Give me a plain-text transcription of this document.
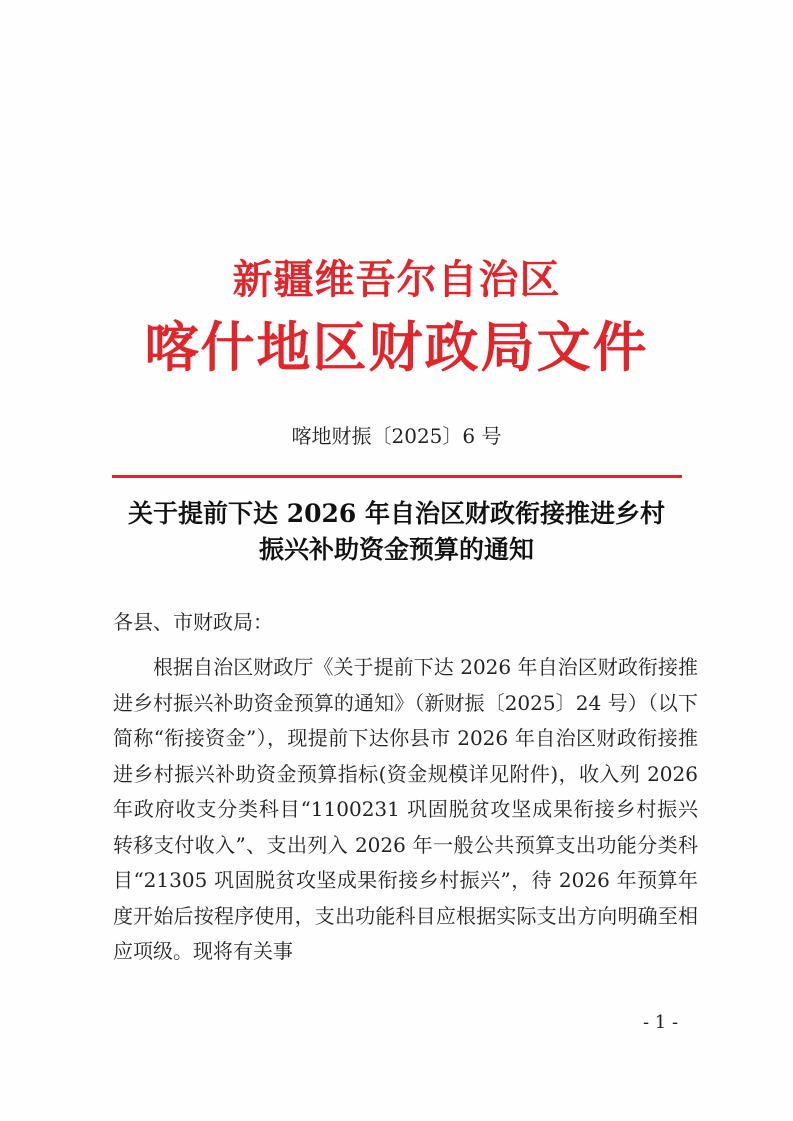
新疆维吾尔自治区
喀什地区财政局文件
喀地财振〔2025〕6 号
关于提前下达 2026 年自治区财政衔接推进乡村
振兴补助资金预算的通知
各县、市财政局：
根据自治区财政厅《关于提前下达 2026 年自治区财政衔接推进乡村振兴补助资金预算的通知》（新财振〔2025〕24 号）（以下简称“衔接资金”），现提前下达你县市 2026 年自治区财政衔接推进乡村振兴补助资金预算指标(资金规模详见附件)，收入列 2026 年政府收支分类科目“1100231 巩固脱贫攻坚成果衔接乡村振兴转移支付收入”、支出列入 2026 年一般公共预算支出功能分类科目“21305 巩固脱贫攻坚成果衔接乡村振兴”，待 2026 年预算年度开始后按程序使用，支出功能科目应根据实际支出方向明确至相应项级。现将有关事
- 1 -
